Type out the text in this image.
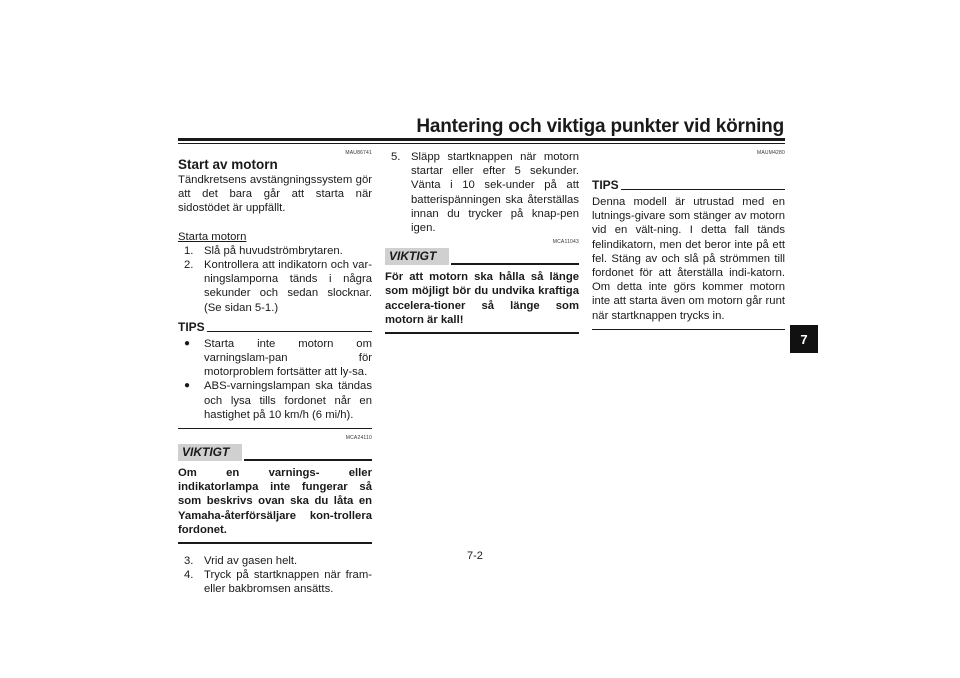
Hantering och viktiga punkter vid körning
7
MAU86741
Start av motorn
Tändkretsens avstängningssystem gör att det bara går att starta när sidostödet är uppfällt.
Starta motorn
1. Slå på huvudströmbrytaren.
2. Kontrollera att indikatorn och var-ningslamporna tänds i några sekunder och sedan slocknar. (Se sidan 5-1.)
TIPS
●	Starta inte motorn om varningslam-pan för motorproblem fortsätter att ly-sa.
●	ABS-varningslampan ska tändas och lysa tills fordonet når en hastighet på 10 km/h (6 mi/h).
MCA24110
VIKTIGT
Om en varnings- eller indikatorlampa inte fungerar så som beskrivs ovan ska du låta en Yamaha-återförsäljare kon-trollera fordonet.
3. Vrid av gasen helt.
4. Tryck på startknappen när fram- eller bakbromsen ansätts.
5. Släpp startknappen när motorn startar eller efter 5 sekunder. Vänta i 10 sek-under på att batterispänningen ska återställas innan du trycker på knap-pen igen.
MCA11043
VIKTIGT
För att motorn ska hålla så länge som möjligt bör du undvika kraftiga accelera-tioner så länge som motorn är kall!
MAUM4280
TIPS
Denna modell är utrustad med en lutnings-givare som stänger av motorn vid en vält-ning. I detta fall tänds felindikatorn, men det beror inte på ett fel. Stäng av och slå på strömmen till fordonet för att återställa indi-katorn. Om detta inte görs kommer motorn inte att starta även om motorn går runt när startknappen trycks in.
7-2
